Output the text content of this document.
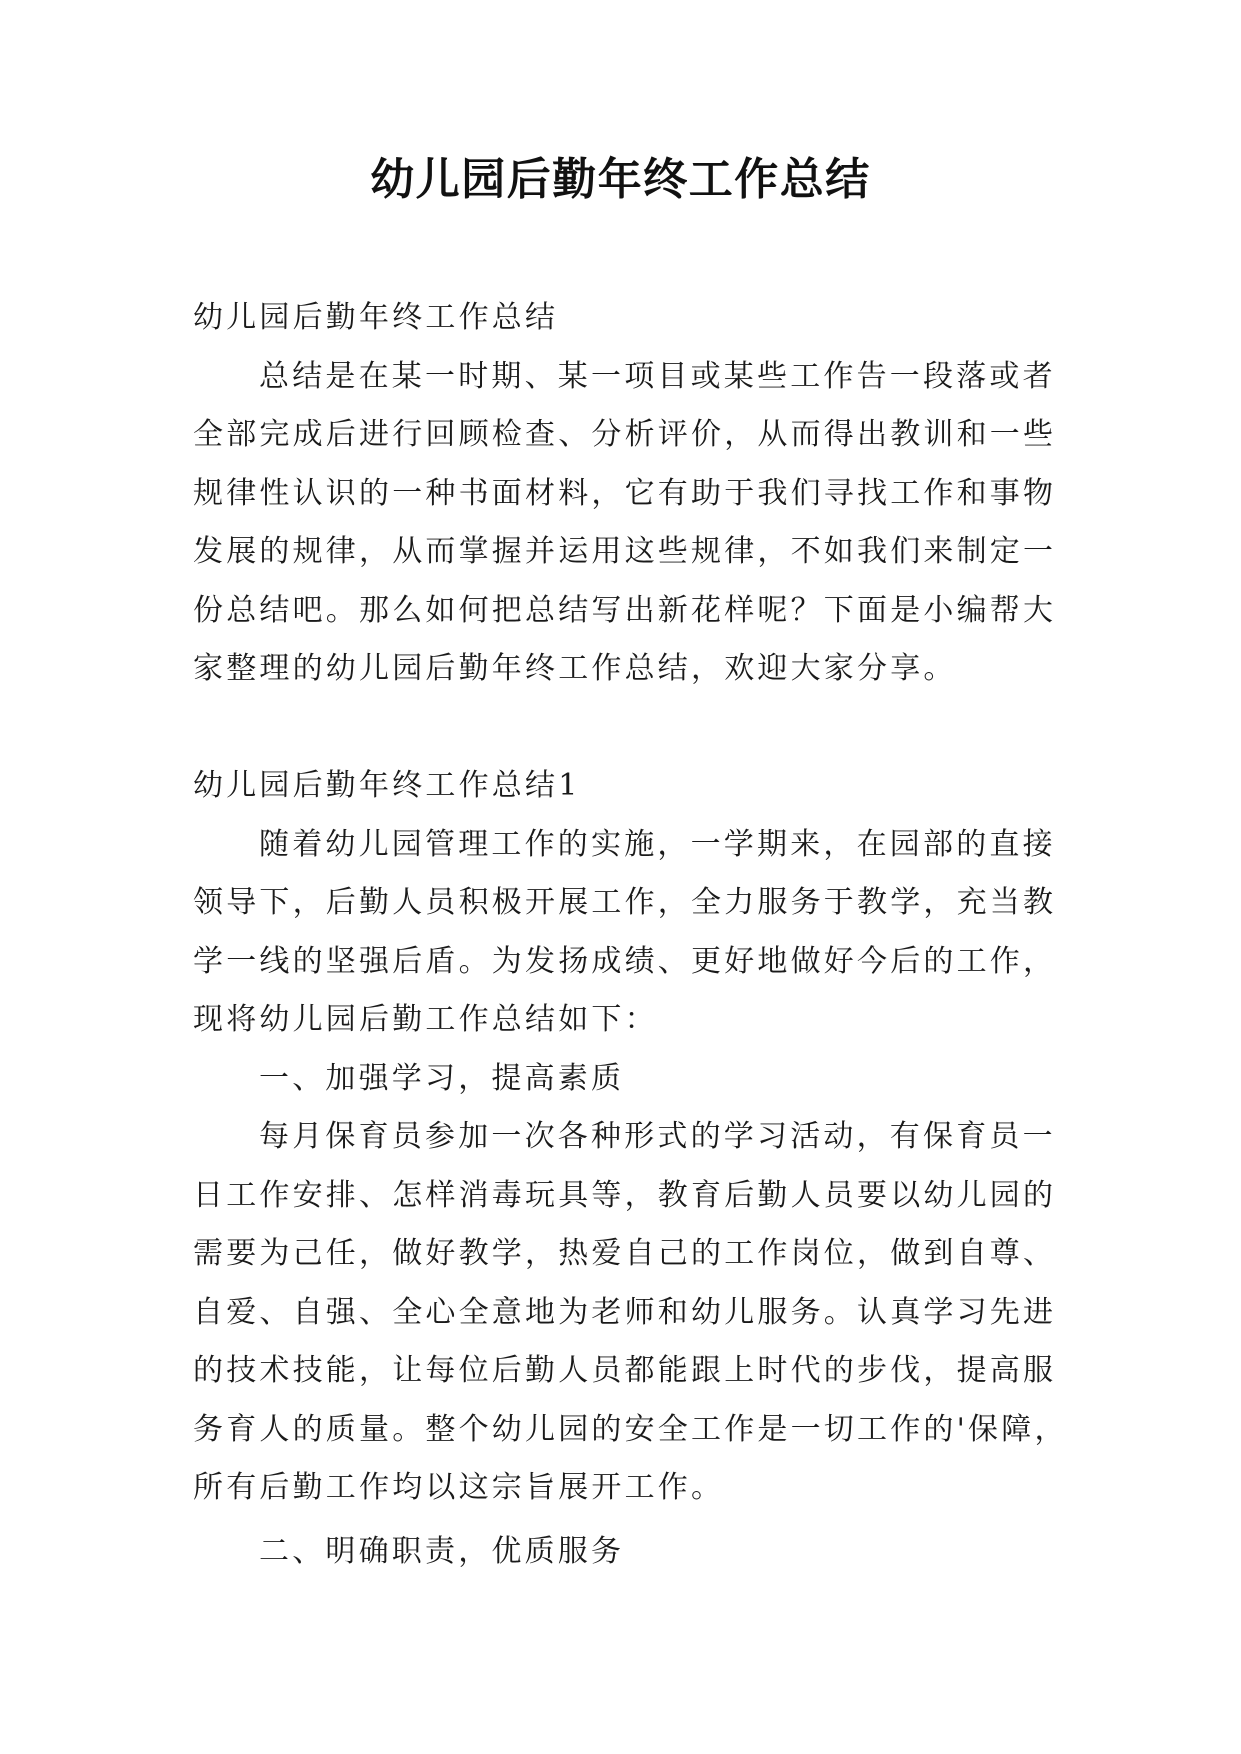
幼儿园后勤年终工作总结
幼儿园后勤年终工作总结
总结是在某一时期、某一项目或某些工作告一段落或者
全部完成后进行回顾检查、分析评价，从而得出教训和一些
规律性认识的一种书面材料，它有助于我们寻找工作和事物
发展的规律，从而掌握并运用这些规律，不如我们来制定一
份总结吧。那么如何把总结写出新花样呢？下面是小编帮大
家整理的幼儿园后勤年终工作总结，欢迎大家分享。
幼儿园后勤年终工作总结1
随着幼儿园管理工作的实施，一学期来，在园部的直接
领导下，后勤人员积极开展工作，全力服务于教学，充当教
学一线的坚强后盾。为发扬成绩、更好地做好今后的工作，
现将幼儿园后勤工作总结如下：
一、加强学习，提高素质
每月保育员参加一次各种形式的学习活动，有保育员一
日工作安排、怎样消毒玩具等，教育后勤人员要以幼儿园的
需要为己任，做好教学，热爱自己的工作岗位，做到自尊、
自爱、自强、全心全意地为老师和幼儿服务。认真学习先进
的技术技能，让每位后勤人员都能跟上时代的步伐，提高服
务育人的质量。整个幼儿园的安全工作是一切工作的'保障，
所有后勤工作均以这宗旨展开工作。
二、明确职责，优质服务
